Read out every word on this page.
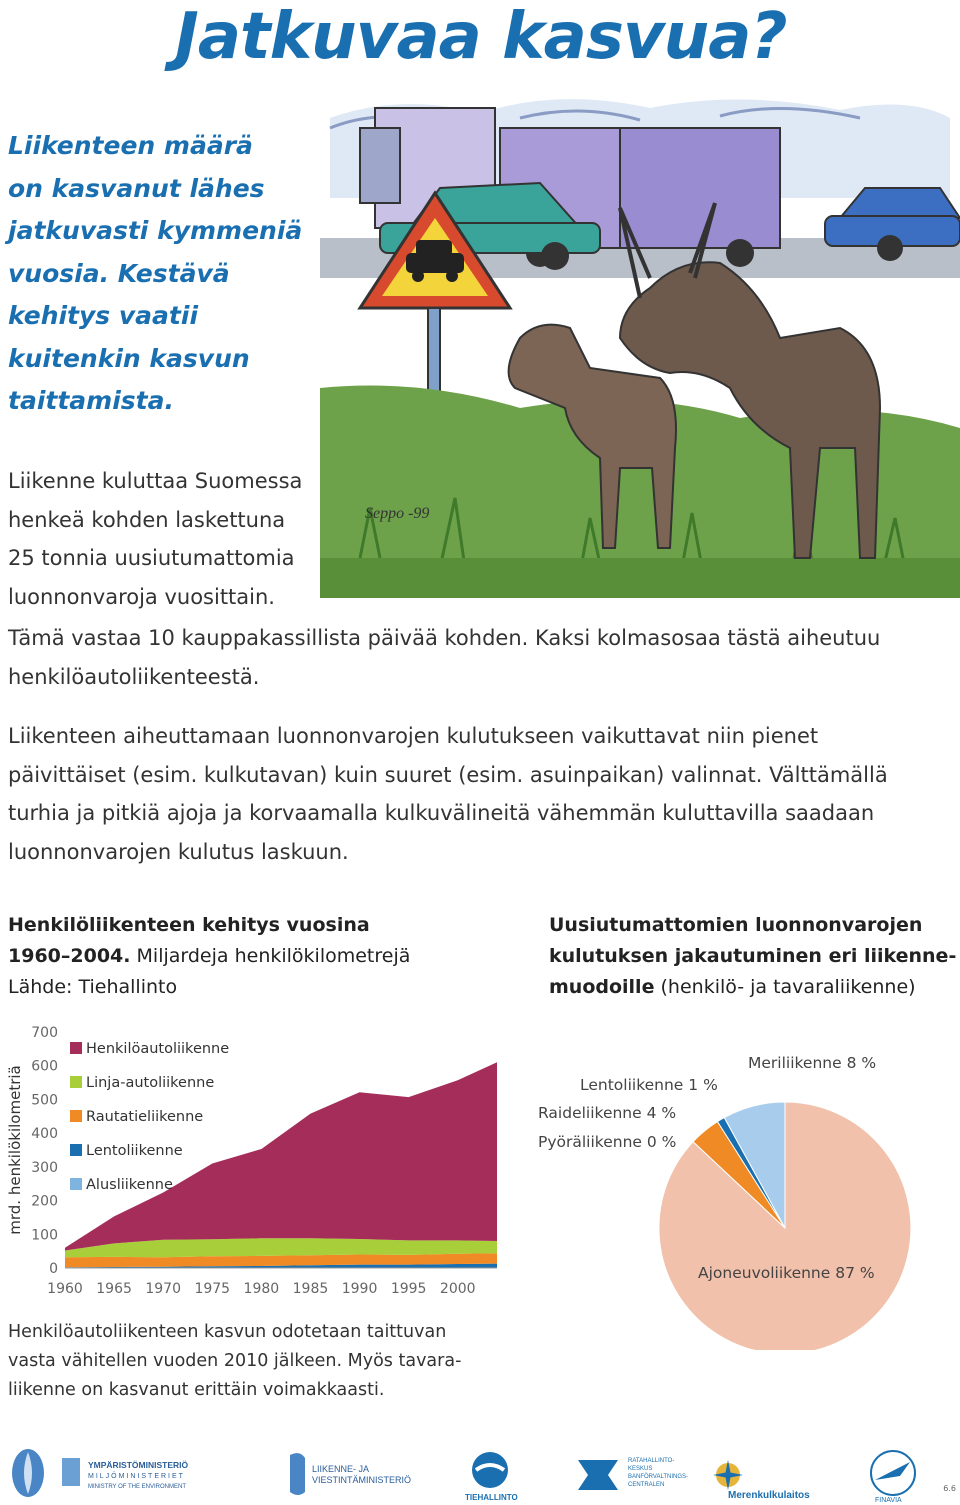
Jatkuvaa kasvua?
Liikenteen määrä
on kasvanut lähes
jatkuvasti kymmeniä
vuosia. Kestävä
kehitys vaatii
kuitenkin kasvun
taittamista.
Seppo -99
Liikenne kuluttaa Suomessa
henkeä kohden laskettuna
25 tonnia uusiutumattomia
luonnonvaroja vuosittain.
Tämä vastaa 10 kauppakassillista päivää kohden. Kaksi kolmasosaa tästä aiheutuu
henkilöautoliikenteestä.
Liikenteen aiheuttamaan luonnonvarojen kulutukseen vaikuttavat niin pienet
päivittäiset (esim. kulkutavan) kuin suuret (esim. asuinpaikan) valinnat. Välttämällä
turhia ja pitkiä ajoja ja korvaamalla kulkuvälineitä vähemmän kuluttavilla saadaan
luonnonvarojen kulutus laskuun.
Henkilöliikenteen kehitys vuosina
1960–2004. Miljardeja henkilökilometrejä
Lähde: Tiehallinto
Uusiutumattomien luonnonvarojen
kulutuksen jakautuminen eri liikenne-
muodoille (henkilö- ja tavaraliikenne)
mrd. henkilökilometriä
0
100
200
300
400
500
600
700
1960 1965 1970 1975 1980 1985 1990 1995 2000
Henkilöautoliikenne
Linja-autoliikenne
Rautatieliikenne
Lentoliikenne
Alusliikenne
Ajoneuvoliikenne 87 %
Pyöräliikenne 0 %
Raideliikenne 4 %
Lentoliikenne 1 %
Meriliikenne 8 %
Henkilöautoliikenteen kasvun odotetaan taittuvan
vasta vähitellen vuoden 2010 jälkeen. Myös tavara-
liikenne on kasvanut erittäin voimakkaasti.
YMPÄRISTÖMINISTERIÖ
MILJÖMINISTERIET
MINISTRY OF THE ENVIRONMENT
LIIKENNE- JA
VIESTINTÄMINISTERIÖ
TIEHALLINTO
RATAHALLINTO-
KESKUS
BANFÖRVALTNINGS-
CENTRALEN
Merenkulkulaitos	FINAVIA
6.6
